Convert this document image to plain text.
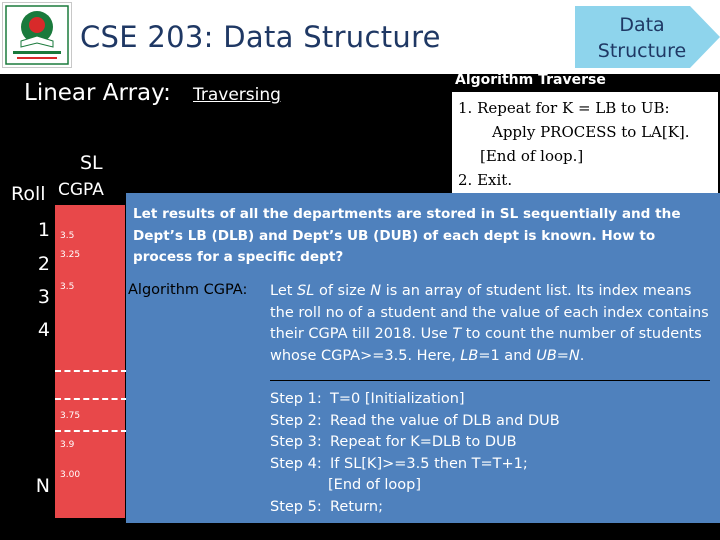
CSE 203: Data Structure	Data
Structure
Linear Array: Traversing
Algorithm Traverse
1. Repeat for K = LB to UB:
Apply PROCESS to LA[K].
[End of loop.]
2. Exit.
SL
Roll CGPA
3.5
3.25
3.5
3.75
3.9
3.00
1
2
3
4
N
Let results of all the departments are stored in SL sequentially and the Dept’s LB (DLB) and Dept’s UB (DUB) of each dept is known. How to process for a specific dept?
Algorithm CGPA: Let SL of size N is an array of student list. Its index means the roll no of a student and the value of each index contains their CGPA till 2018. Use T to count the number of students whose CGPA>=3.5. Here, LB=1 and UB=N.
Step 1: T=0 [Initialization]
Step 2: Read the value of DLB and DUB
Step 3: Repeat for K=DLB to DUB
Step 4: If SL[K]>=3.5 then T=T+1;
[End of loop]
Step 5: Return;
